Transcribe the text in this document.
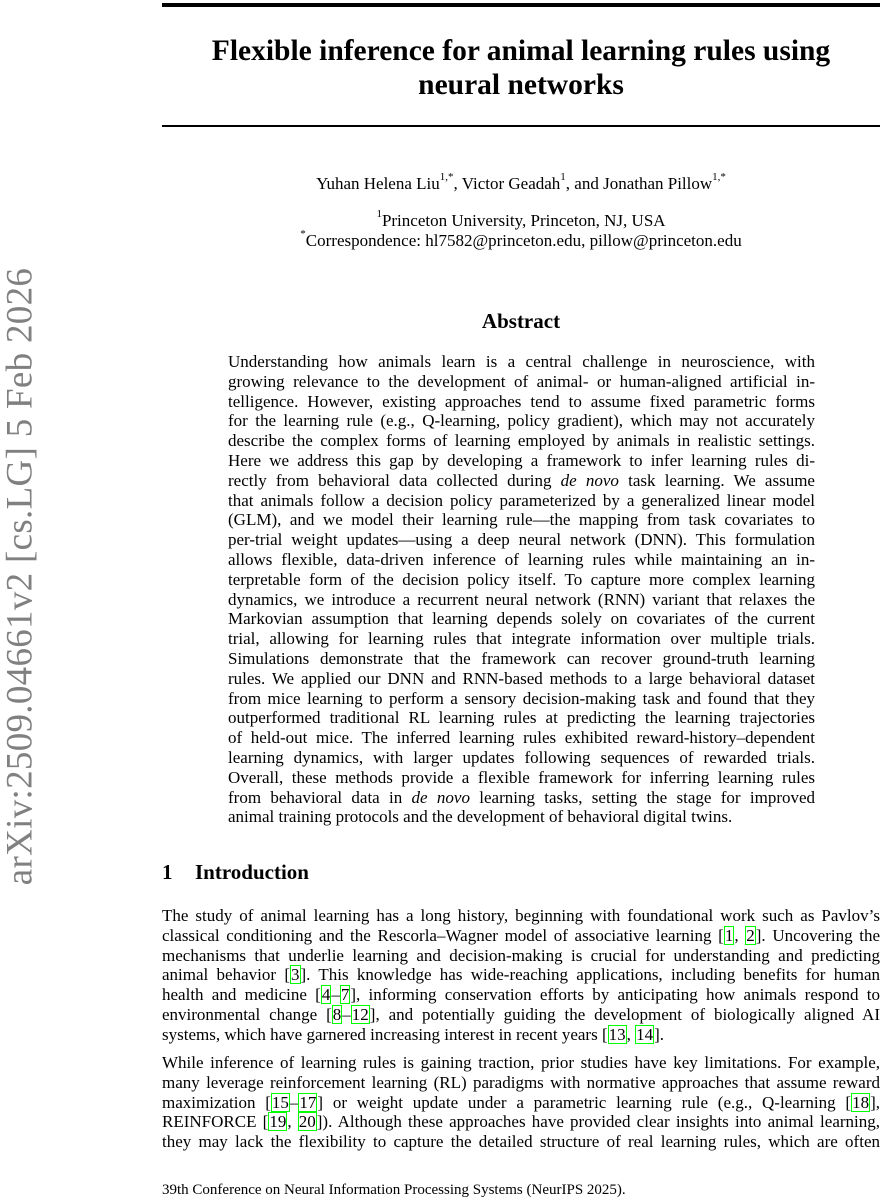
arXiv:2509.04661v2 [cs.LG] 5 Feb 2026
Flexible inference for animal learning rules using
neural networks
Yuhan Helena Liu$^{1,*}$, Victor Geadah$^1$, and Jonathan Pillow$^{1,*}$
$^1$Princeton University, Princeton, NJ, USA
*Correspondence: hl7582@princeton.edu, pillow@princeton.edu
Abstract
Understanding how animals learn is a central challenge in neuroscience, with
growing relevance to the development of animal- or human-aligned artificial in-
telligence. However, existing approaches tend to assume fixed parametric forms
for the learning rule (e.g., Q-learning, policy gradient), which may not accurately
describe the complex forms of learning employed by animals in realistic settings.
Here we address this gap by developing a framework to infer learning rules di-
rectly from behavioral data collected during de novo task learning. We assume
that animals follow a decision policy parameterized by a generalized linear model
(GLM), and we model their learning rule—the mapping from task covariates to
per-trial weight updates—using a deep neural network (DNN). This formulation
allows flexible, data-driven inference of learning rules while maintaining an in-
terpretable form of the decision policy itself. To capture more complex learning
dynamics, we introduce a recurrent neural network (RNN) variant that relaxes the
Markovian assumption that learning depends solely on covariates of the current
trial, allowing for learning rules that integrate information over multiple trials.
Simulations demonstrate that the framework can recover ground-truth learning
rules. We applied our DNN and RNN-based methods to a large behavioral dataset
from mice learning to perform a sensory decision-making task and found that they
outperformed traditional RL learning rules at predicting the learning trajectories
of held-out mice. The inferred learning rules exhibited reward-history–dependent
learning dynamics, with larger updates following sequences of rewarded trials.
Overall, these methods provide a flexible framework for inferring learning rules
from behavioral data in de novo learning tasks, setting the stage for improved
animal training protocols and the development of behavioral digital twins.
1 Introduction
The study of animal learning has a long history, beginning with foundational work such as Pavlov’s
classical conditioning and the Rescorla–Wagner model of associative learning [1, 2]. Uncovering the
mechanisms that underlie learning and decision-making is crucial for understanding and predicting
animal behavior [3]. This knowledge has wide-reaching applications, including benefits for human
health and medicine [4–7], informing conservation efforts by anticipating how animals respond to
environmental change [8–12], and potentially guiding the development of biologically aligned AI
systems, which have garnered increasing interest in recent years [13, 14].
While inference of learning rules is gaining traction, prior studies have key limitations. For example,
many leverage reinforcement learning (RL) paradigms with normative approaches that assume reward
maximization [15–17] or weight update under a parametric learning rule (e.g., Q-learning [18],
REINFORCE [19, 20]). Although these approaches have provided clear insights into animal learning,
they may lack the flexibility to capture the detailed structure of real learning rules, which are often
39th Conference on Neural Information Processing Systems (NeurIPS 2025).
